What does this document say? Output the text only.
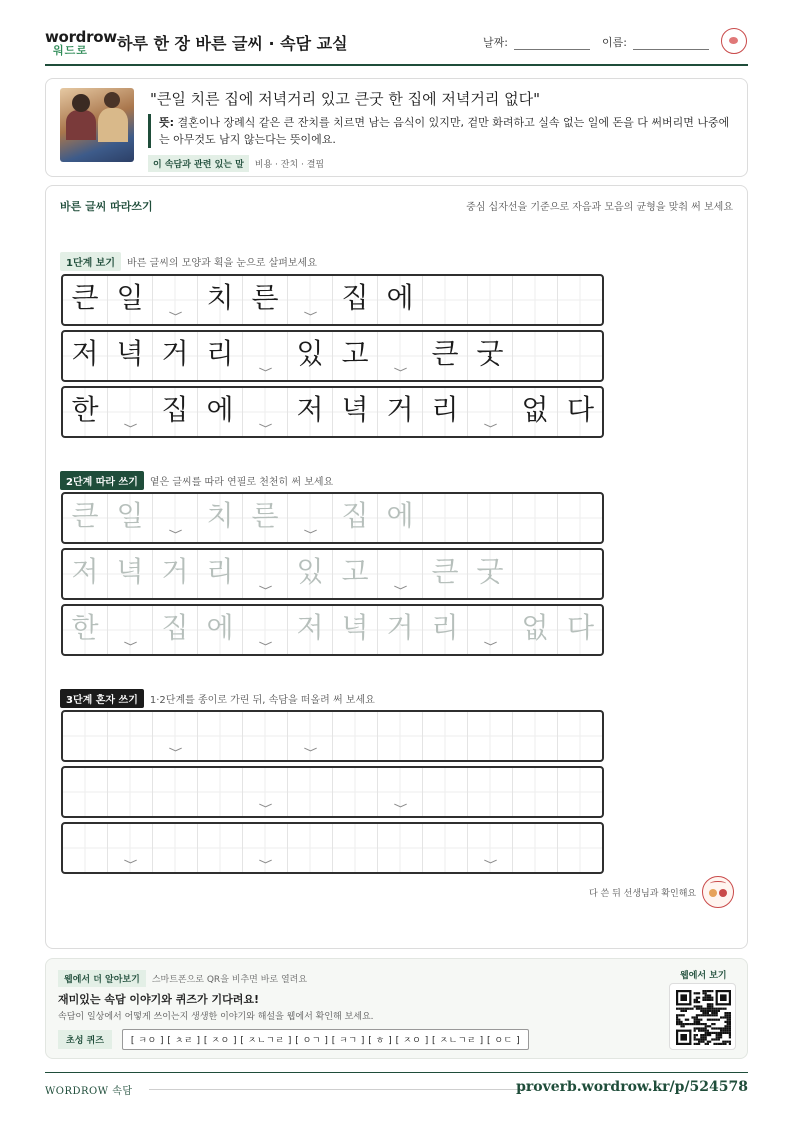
wordrow
워드로 하루 한 장 바른 글씨 · 속담 교실	날짜:	이름:
"큰일 치른 집에 저녁거리 있고 큰굿 한 집에 저녁거리 없다"
뜻: 결혼이나 장례식 같은 큰 잔치를 치르면 남는 음식이 있지만, 겉만 화려하고 실속 없는 일에 돈을 다 써버리면 나중에는 아무것도 남지 않는다는 뜻이에요.
이 속담과 관련 있는 말 비용 · 잔치 · 결핍
바른 글씨 따라쓰기	중심 십자선을 기준으로 자음과 모음의 균형을 맞춰 써 보세요
1단계 보기 바른 글씨의 모양과 획을 눈으로 살펴보세요
2단계 따라 쓰기 옅은 글씨를 따라 연필로 천천히 써 보세요
3단계 혼자 쓰기 1·2단계를 종이로 가린 뒤, 속담을 떠올려 써 보세요
큰 일	치 른	집 에
저 녁 거 리	있 고	큰 굿
한	집 에	저 녁 거 리	없 다
큰 일	치 른	집 에
저 녁 거 리	있 고	큰 굿
한	집 에	저 녁 거 리	없 다
다 쓴 뒤 선생님과 확인해요
웹에서 더 알아보기 스마트폰으로 QR을 비추면 바로 열려요
재미있는 속담 이야기와 퀴즈가 기다려요!
속담이 일상에서 어떻게 쓰이는지 생생한 이야기와 해설을 웹에서 확인해 보세요.
초성 퀴즈	[ ㅋㅇ ] [ ㅊㄹ ] [ ㅈㅇ ] [ ㅈㄴㄱㄹ ] [ ㅇㄱ ] [ ㅋㄱ ] [ ㅎ ] [ ㅈㅇ ] [ ㅈㄴㄱㄹ ] [ ㅇㄷ ]
웹에서 보기
WORDROW 속담	proverb.wordrow.kr/p/524578
